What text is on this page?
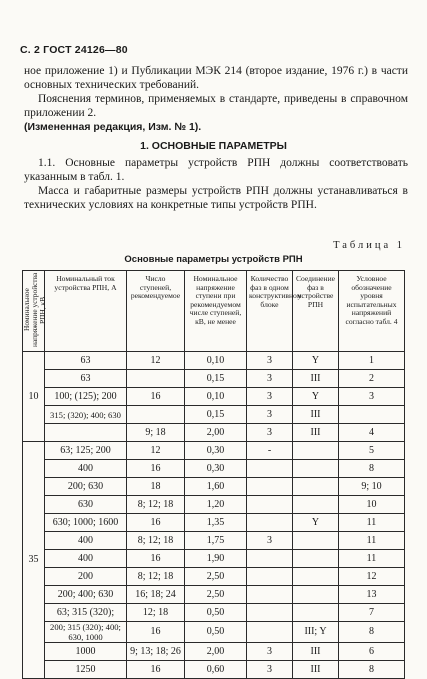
С. 2 ГОСТ 24126—80
ное приложение 1) и Публикации МЭК 214 (второе издание, 1976 г.) в части основных технических требований.
Пояснения терминов, применяемых в стандарте, приведены в справочном приложении 2.
(Измененная редакция, Изм. № 1).
1. ОСНОВНЫЕ ПАРАМЕТРЫ
1.1. Основные параметры устройств РПН должны соответствовать указанным в табл. 1.
Масса и габаритные размеры устройств РПН должны устанавливаться в технических условиях на конкретные типы устройств РПН.
Таблица 1
Основные параметры устройств РПН
Номинальное напряжение устройства РПН, кВ	Номинальный ток устройства РПН, А	Число ступеней, рекомендуемое	Номинальное напряжение ступени при рекомендуемом числе ступеней, кВ, не менее	Количество фаз в одном конструктивном блоке	Соединение фаз в устройстве РПН	Условное обозначение уровня испытательных напряжений согласно табл. 4
10	63	12	0,10	3	Y	1
	63		0,15	3	III	2
	100; (125); 200	16	0,10	3	Y	3
	315; (320); 400; 630		0,15	3	III	
		9; 18	2,00	3	III	4
35	63; 125; 200	12	0,30	-		5
	400	16	0,30			8
	200; 630	18	1,60			9; 10
	630	8; 12; 18	1,20			10
	630; 1000; 1600	16	1,35		Y	11
	400	8; 12; 18	1,75	3		11
	400	16	1,90			11
	200	8; 12; 18	2,50			12
	200; 400; 630	16; 18; 24	2,50			13
	63; 315 (320);	12; 18	0,50			7
	200; 315 (320); 400; 630, 1000	16	0,50		III; Y	8
	1000	9; 13; 18; 26	2,00	3	III	6
	1250	16	0,60	3	III	8
